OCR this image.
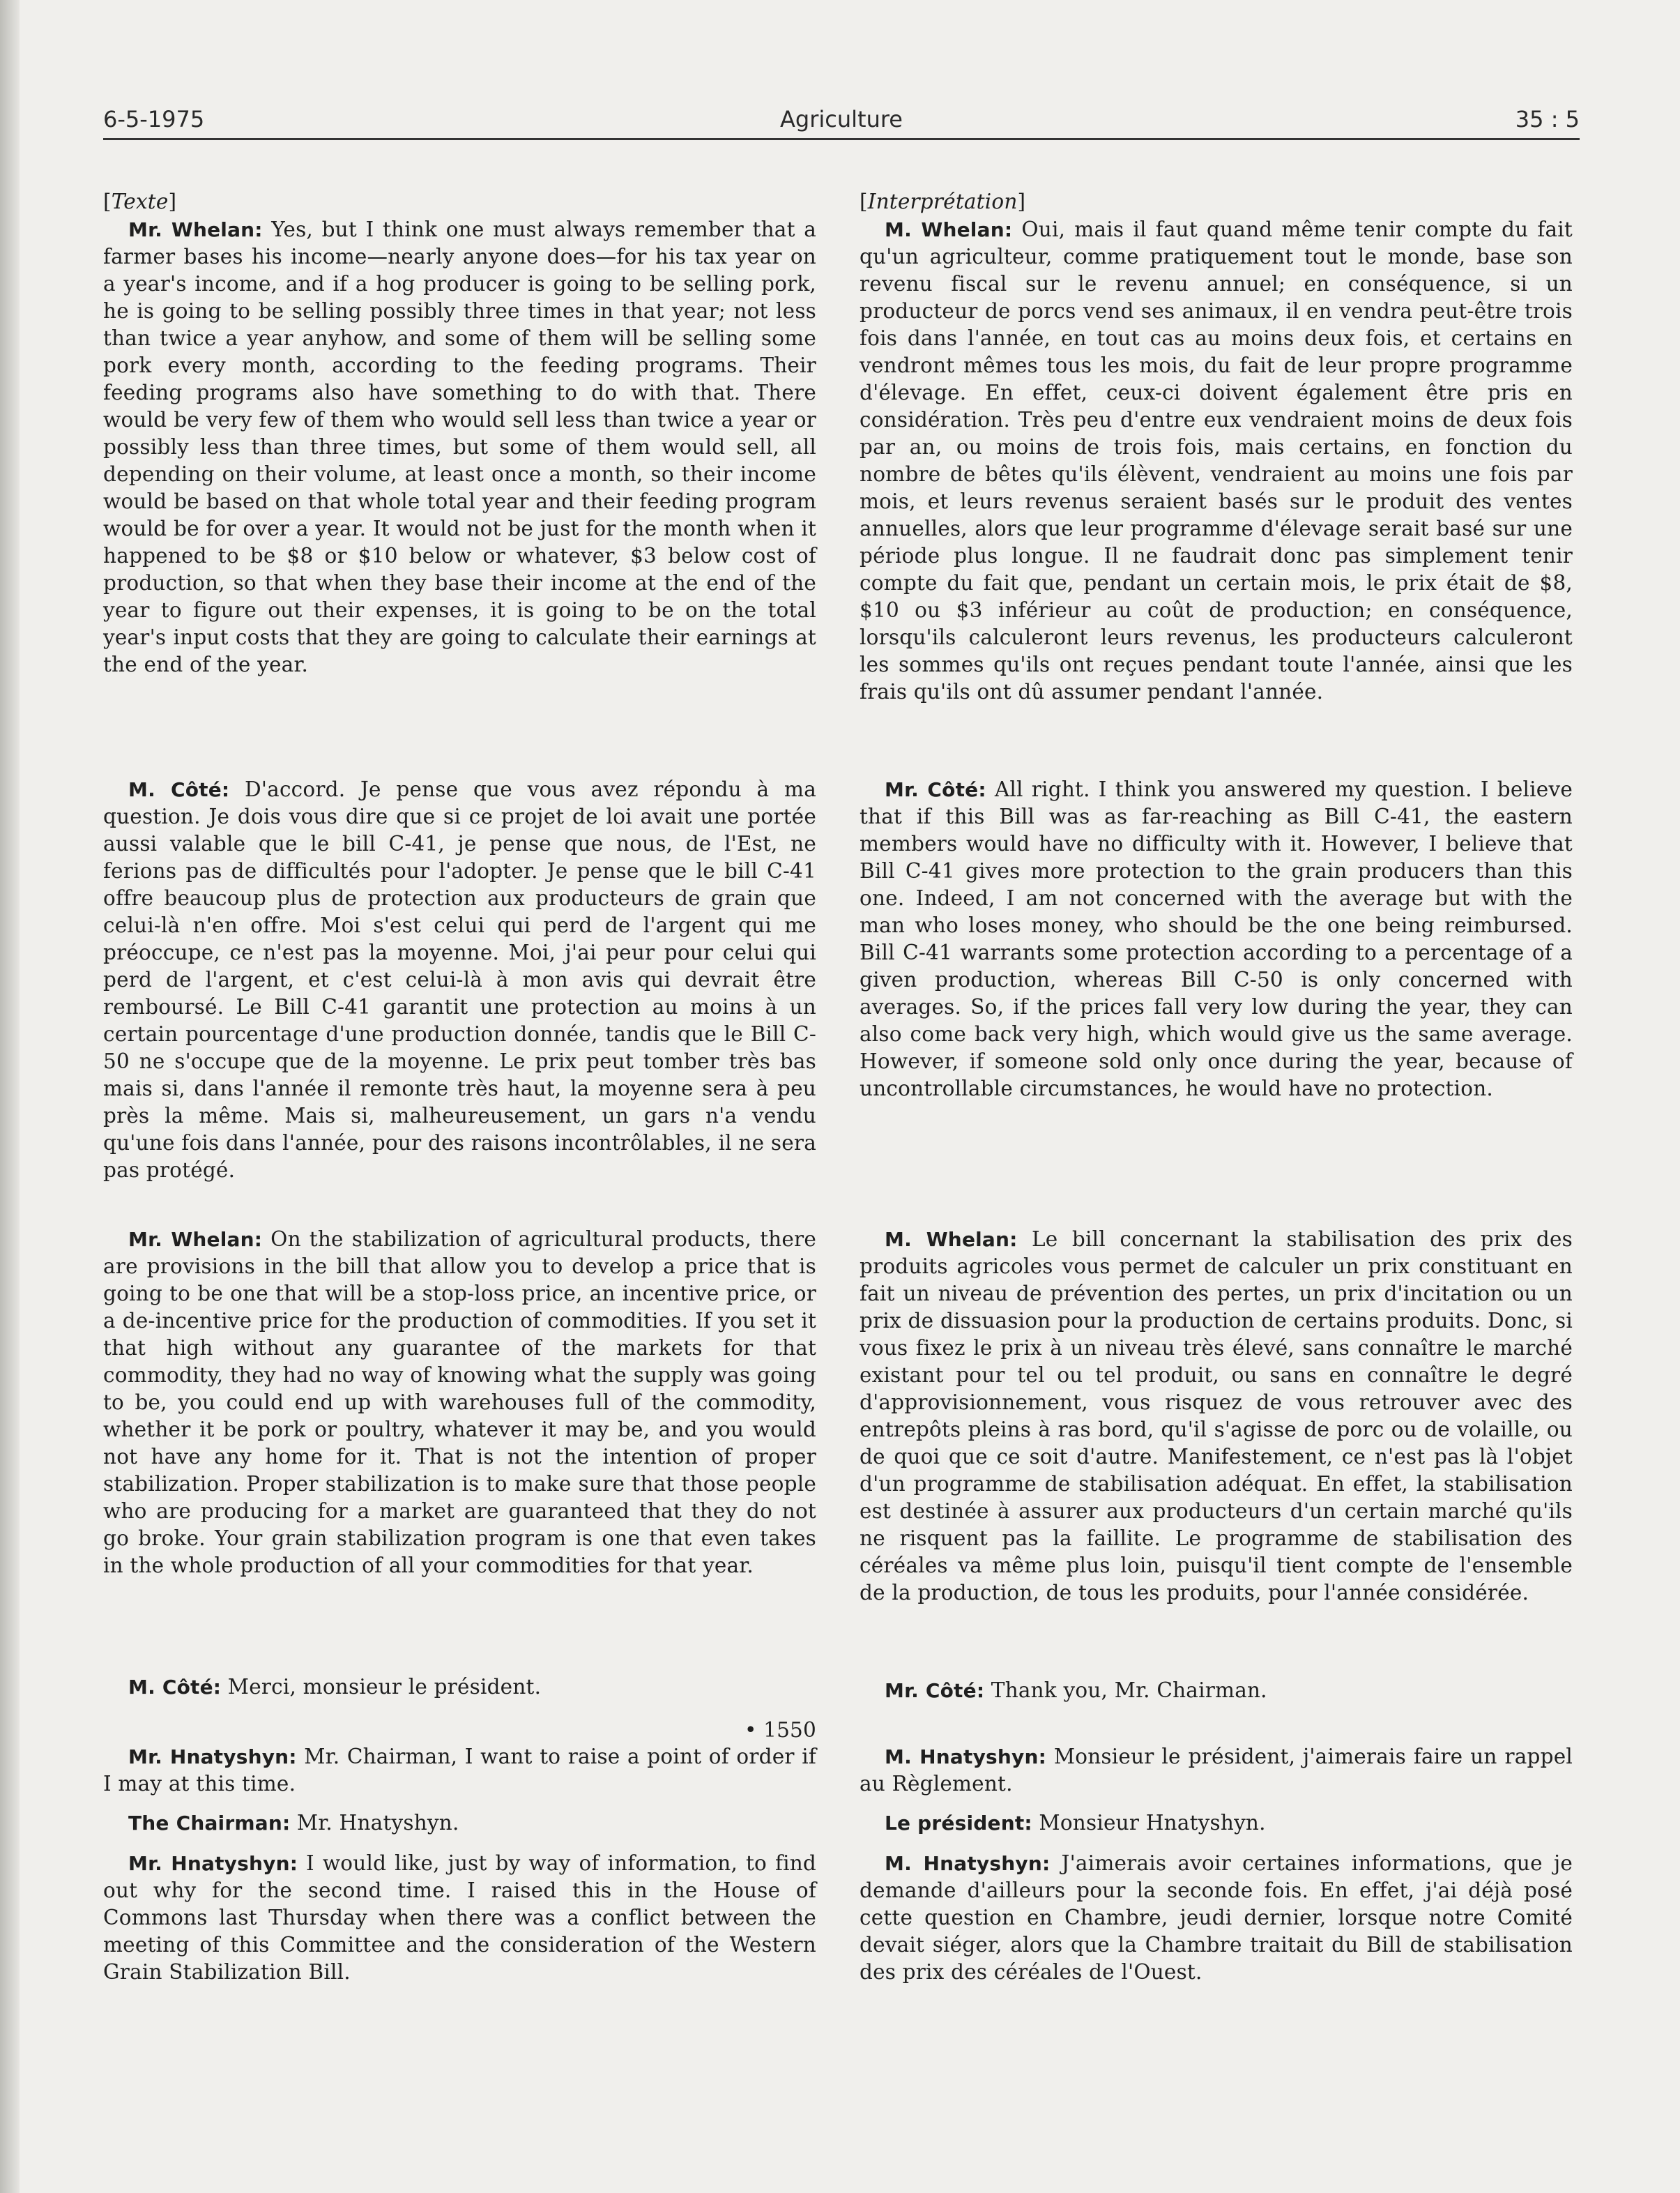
6-5-1975	Agriculture	35 : 5
[Texte]

Mr. Whelan: Yes, but I think one must always remember that a farmer bases his income—nearly anyone does—for his tax year on a year's income, and if a hog producer is going to be selling pork, he is going to be selling possibly three times in that year; not less than twice a year anyhow, and some of them will be selling some pork every month, according to the feeding programs. Their feeding programs also have something to do with that. There would be very few of them who would sell less than twice a year or possibly less than three times, but some of them would sell, all depending on their volume, at least once a month, so their income would be based on that whole total year and their feeding program would be for over a year. It would not be just for the month when it happened to be $8 or $10 below or whatever, $3 below cost of production, so that when they base their income at the end of the year to figure out their expenses, it is going to be on the total year's input costs that they are going to calculate their earnings at the end of the year.

M. Côté: D'accord. Je pense que vous avez répondu à ma question. Je dois vous dire que si ce projet de loi avait une portée aussi valable que le bill C-41, je pense que nous, de l'Est, ne ferions pas de difficultés pour l'adopter. Je pense que le bill C-41 offre beaucoup plus de protection aux producteurs de grain que celui-là n'en offre. Moi s'est celui qui perd de l'argent qui me préoccupe, ce n'est pas la moyenne. Moi, j'ai peur pour celui qui perd de l'argent, et c'est celui-là à mon avis qui devrait être remboursé. Le Bill C-41 garantit une protection au moins à un certain pourcentage d'une production donnée, tandis que le Bill C-50 ne s'occupe que de la moyenne. Le prix peut tomber très bas mais si, dans l'année il remonte très haut, la moyenne sera à peu près la même. Mais si, malheureusement, un gars n'a vendu qu'une fois dans l'année, pour des raisons incontrôlables, il ne sera pas protégé.

Mr. Whelan: On the stabilization of agricultural products, there are provisions in the bill that allow you to develop a price that is going to be one that will be a stop-loss price, an incentive price, or a de-incentive price for the production of commodities. If you set it that high without any guarantee of the markets for that commodity, they had no way of knowing what the supply was going to be, you could end up with warehouses full of the commodity, whether it be pork or poultry, whatever it may be, and you would not have any home for it. That is not the intention of proper stabilization. Proper stabilization is to make sure that those people who are producing for a market are guaranteed that they do not go broke. Your grain stabilization program is one that even takes in the whole production of all your commodities for that year.

M. Côté: Merci, monsieur le président.

• 1550

Mr. Hnatyshyn: Mr. Chairman, I want to raise a point of order if I may at this time.

The Chairman: Mr. Hnatyshyn.

Mr. Hnatyshyn: I would like, just by way of information, to find out why for the second time. I raised this in the House of Commons last Thursday when there was a conflict between the meeting of this Committee and the consideration of the Western Grain Stabilization Bill.

[Interprétation]

M. Whelan: Oui, mais il faut quand même tenir compte du fait qu'un agriculteur, comme pratiquement tout le monde, base son revenu fiscal sur le revenu annuel; en conséquence, si un producteur de porcs vend ses animaux, il en vendra peut-être trois fois dans l'année, en tout cas au moins deux fois, et certains en vendront mêmes tous les mois, du fait de leur propre programme d'élevage. En effet, ceux-ci doivent également être pris en considération. Très peu d'entre eux vendraient moins de deux fois par an, ou moins de trois fois, mais certains, en fonction du nombre de bêtes qu'ils élèvent, vendraient au moins une fois par mois, et leurs revenus seraient basés sur le produit des ventes annuelles, alors que leur programme d'élevage serait basé sur une période plus longue. Il ne faudrait donc pas simplement tenir compte du fait que, pendant un certain mois, le prix était de $8, $10 ou $3 inférieur au coût de production; en conséquence, lorsqu'ils calculeront leurs revenus, les producteurs calculeront les sommes qu'ils ont reçues pendant toute l'année, ainsi que les frais qu'ils ont dû assumer pendant l'année.

Mr. Côté: All right. I think you answered my question. I believe that if this Bill was as far-reaching as Bill C-41, the eastern members would have no difficulty with it. However, I believe that Bill C-41 gives more protection to the grain producers than this one. Indeed, I am not concerned with the average but with the man who loses money, who should be the one being reimbursed. Bill C-41 warrants some protection according to a percentage of a given production, whereas Bill C-50 is only concerned with averages. So, if the prices fall very low during the year, they can also come back very high, which would give us the same average. However, if someone sold only once during the year, because of uncontrollable circumstances, he would have no protection.

M. Whelan: Le bill concernant la stabilisation des prix des produits agricoles vous permet de calculer un prix constituant en fait un niveau de prévention des pertes, un prix d'incitation ou un prix de dissuasion pour la production de certains produits. Donc, si vous fixez le prix à un niveau très élevé, sans connaître le marché existant pour tel ou tel produit, ou sans en connaître le degré d'approvisionnement, vous risquez de vous retrouver avec des entrepôts pleins à ras bord, qu'il s'agisse de porc ou de volaille, ou de quoi que ce soit d'autre. Manifestement, ce n'est pas là l'objet d'un programme de stabilisation adéquat. En effet, la stabilisation est destinée à assurer aux producteurs d'un certain marché qu'ils ne risquent pas la faillite. Le programme de stabilisation des céréales va même plus loin, puisqu'il tient compte de l'ensemble de la production, de tous les produits, pour l'année considérée.

Mr. Côté: Thank you, Mr. Chairman.

M. Hnatyshyn: Monsieur le président, j'aimerais faire un rappel au Règlement.

Le président: Monsieur Hnatyshyn.

M. Hnatyshyn: J'aimerais avoir certaines informations, que je demande d'ailleurs pour la seconde fois. En effet, j'ai déjà posé cette question en Chambre, jeudi dernier, lorsque notre Comité devait siéger, alors que la Chambre traitait du Bill de stabilisation des prix des céréales de l'Ouest.
